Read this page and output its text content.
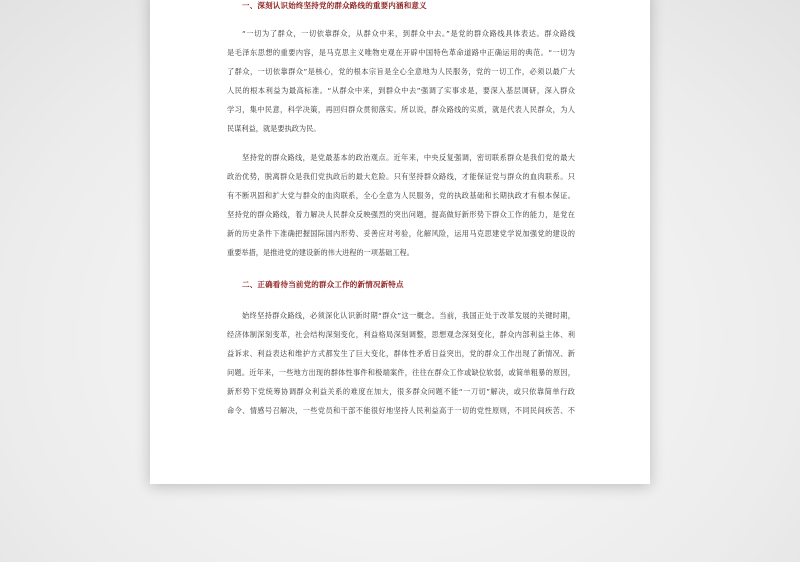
一、深刻认识始终坚持党的群众路线的重要内涵和意义
“一切为了群众，一切依靠群众，从群众中来，到群众中去。”是党的群众路线具体表达。群众路线
是毛泽东思想的重要内容，是马克思主义唯物史观在开辟中国特色革命道路中正确运用的典范。“一切为
了群众，一切依靠群众”是核心，党的根本宗旨是全心全意地为人民服务，党的一切工作，必须以最广大
人民的根本利益为最高标准。“从群众中来，到群众中去”强调了实事求是，要深入基层调研，深入群众
学习，集中民意，科学决策，再回归群众贯彻落实。所以说，群众路线的实质，就是代表人民群众，为人
民谋利益，就是要执政为民。
坚持党的群众路线，是党最基本的政治观点。近年来，中央反复强调，密切联系群众是我们党的最大
政治优势，脱离群众是我们党执政后的最大危险。只有坚持群众路线，才能保证党与群众的血肉联系。只
有不断巩固和扩大党与群众的血肉联系，全心全意为人民服务，党的执政基础和长期执政才有根本保证。
坚持党的群众路线，着力解决人民群众反映强烈的突出问题，提高做好新形势下群众工作的能力，是党在
新的历史条件下准确把握国际国内形势、妥善应对考验，化解风险，运用马克思建党学说加强党的建设的
重要举措，是推进党的建设新的伟大进程的一项基础工程。
二、正确看待当前党的群众工作的新情况新特点
始终坚持群众路线，必须深化认识新时期“群众”这一概念。当前，我国正处于改革发展的关键时期，
经济体制深刻变革，社会结构深刻变化，利益格局深刻调整，思想观念深刻变化，群众内部利益主体、利
益诉求、利益表达和维护方式都发生了巨大变化，群体性矛盾日益突出，党的群众工作出现了新情况、新
问题。近年来，一些地方出现的群体性事件和极端案件，往往在群众工作或缺位软弱，或简单粗暴的原因，
新形势下党统筹协调群众利益关系的难度在加大，很多群众问题不能“一刀切”解决，或只依靠简单行政
命令、情感号召解决，一些党员和干部不能很好地坚持人民利益高于一切的党性原则，不同民间疾苦、不
